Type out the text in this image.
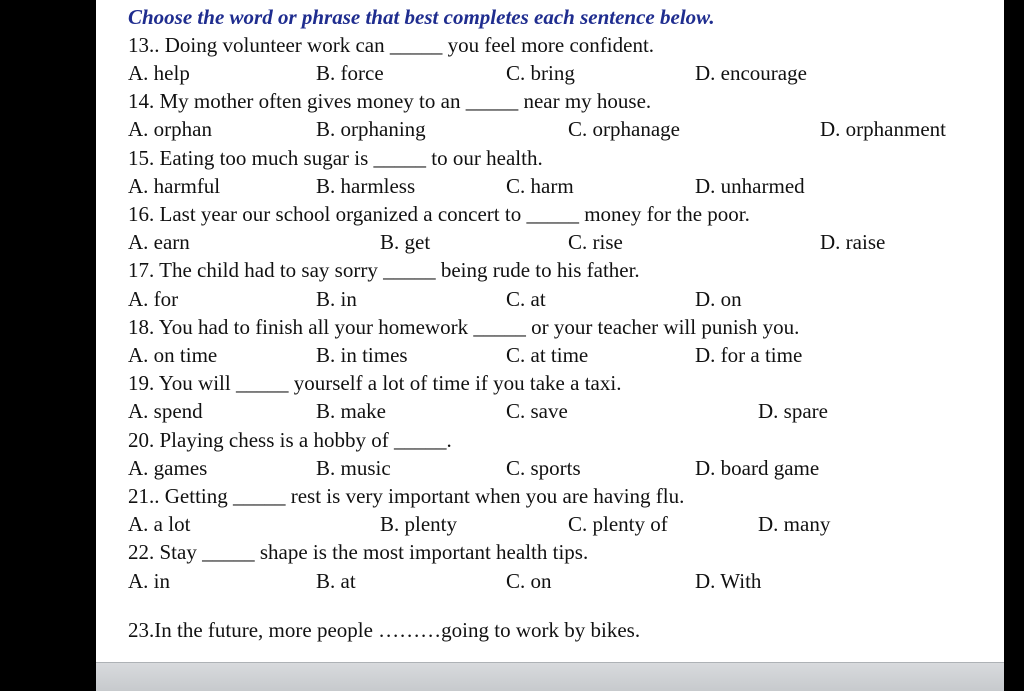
Choose the word or phrase that best completes each sentence below.
13.. Doing volunteer work can _____ you feel more confident.
A. help	B. force	C. bring	D. encourage
14. My mother often gives money to an _____ near my house.
A. orphan	B. orphaning	C. orphanage	D. orphanment
15. Eating too much sugar is _____ to our health.
A. harmful	B. harmless	C. harm	D. unharmed
16. Last year our school organized a concert to _____ money for the poor.
A. earn	B. get	C. rise	D. raise
17. The child had to say sorry _____ being rude to his father.
A. for	B. in	C. at	D. on
18. You had to finish all your homework _____ or your teacher will punish you.
A. on time	B. in times	C. at time	D. for a time
19. You will _____ yourself a lot of time if you take a taxi.
A. spend	B. make	C. save	D. spare
20. Playing chess is a hobby of _____.
A. games	B. music	C. sports	D. board game
21.. Getting _____ rest is very important when you are having flu.
A. a lot	B. plenty	C. plenty of	D. many
22. Stay _____ shape is the most important health tips.
A. in	B. at	C. on	D. With
23.In the future, more people ………going to work by bikes.
